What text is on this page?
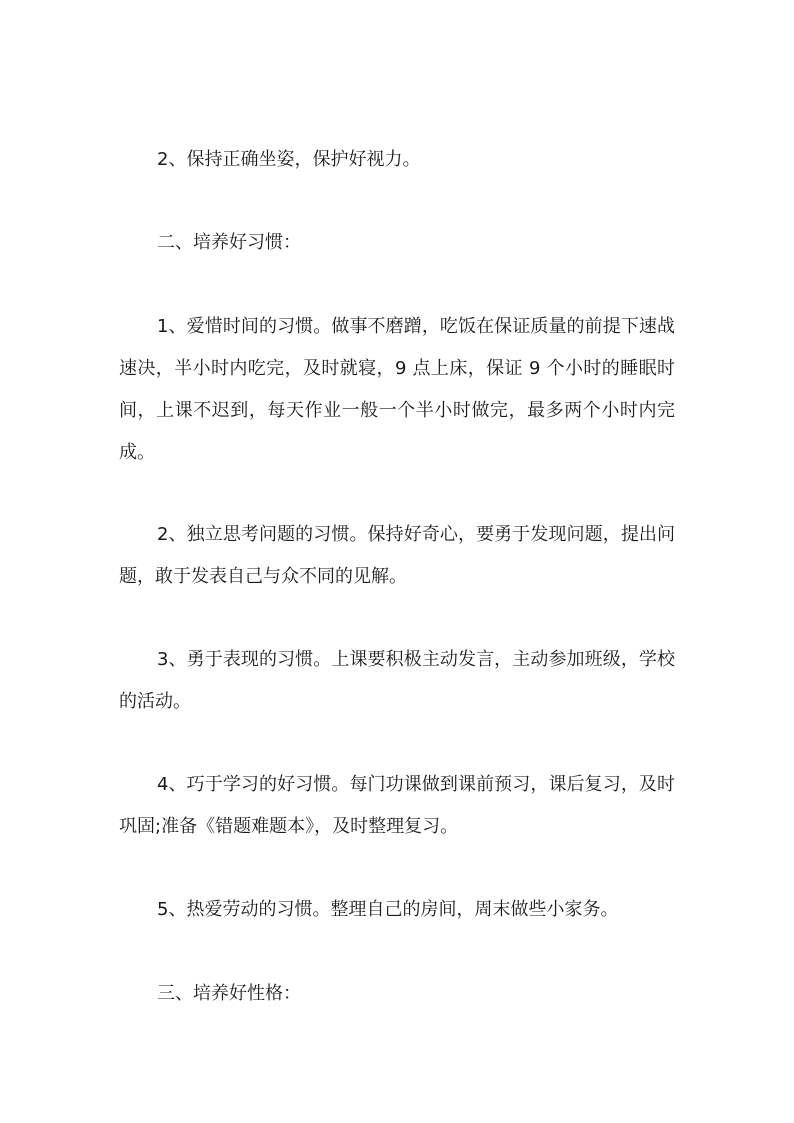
2、保持正确坐姿，保护好视力。

二、培养好习惯：

1、爱惜时间的习惯。做事不磨蹭，吃饭在保证质量的前提下速战速决，半小时内吃完，及时就寝，9 点上床，保证 9 个小时的睡眠时间，上课不迟到，每天作业一般一个半小时做完，最多两个小时内完成。

2、独立思考问题的习惯。保持好奇心，要勇于发现问题，提出问题，敢于发表自己与众不同的见解。

3、勇于表现的习惯。上课要积极主动发言，主动参加班级，学校的活动。

4、巧于学习的好习惯。每门功课做到课前预习，课后复习，及时巩固;准备《错题难题本》，及时整理复习。

5、热爱劳动的习惯。整理自己的房间，周末做些小家务。

三、培养好性格：
